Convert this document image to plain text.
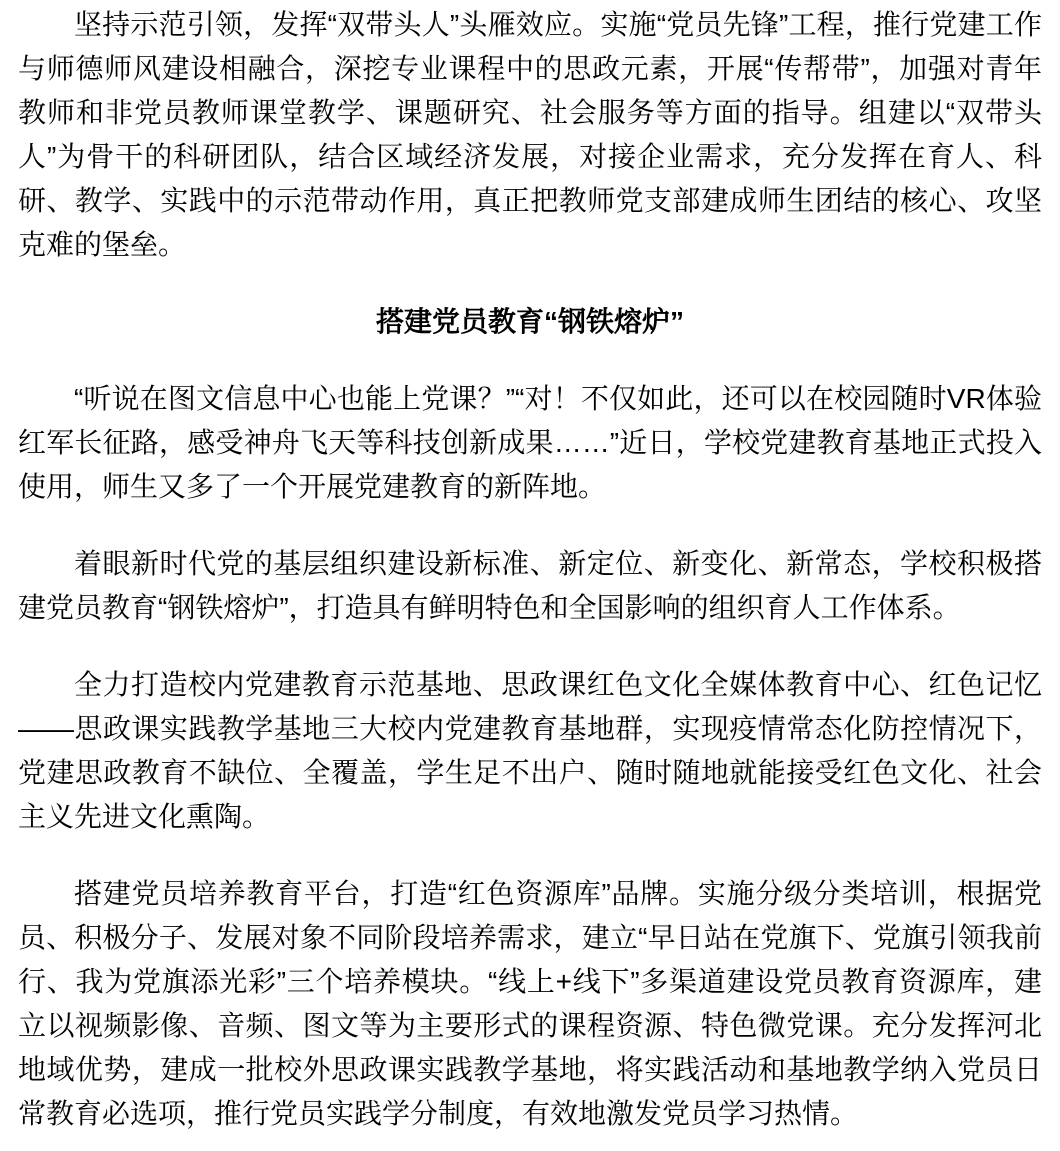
坚持示范引领，发挥“双带头人”头雁效应。实施“党员先锋”工程，推行党建工作与师德师风建设相融合，深挖专业课程中的思政元素，开展“传帮带”，加强对青年教师和非党员教师课堂教学、课题研究、社会服务等方面的指导。组建以“双带头人”为骨干的科研团队，结合区域经济发展，对接企业需求，充分发挥在育人、科研、教学、实践中的示范带动作用，真正把教师党支部建成师生团结的核心、攻坚克难的堡垒。

搭建党员教育“钢铁熔炉”

“听说在图文信息中心也能上党课？”“对！不仅如此，还可以在校园随时VR体验红军长征路，感受神舟飞天等科技创新成果……”近日，学校党建教育基地正式投入使用，师生又多了一个开展党建教育的新阵地。

着眼新时代党的基层组织建设新标准、新定位、新变化、新常态，学校积极搭建党员教育“钢铁熔炉”，打造具有鲜明特色和全国影响的组织育人工作体系。

全力打造校内党建教育示范基地、思政课红色文化全媒体教育中心、红色记忆——思政课实践教学基地三大校内党建教育基地群，实现疫情常态化防控情况下，党建思政教育不缺位、全覆盖，学生足不出户、随时随地就能接受红色文化、社会主义先进文化熏陶。

搭建党员培养教育平台，打造“红色资源库”品牌。实施分级分类培训，根据党员、积极分子、发展对象不同阶段培养需求，建立“早日站在党旗下、党旗引领我前行、我为党旗添光彩”三个培养模块。“线上+线下”多渠道建设党员教育资源库，建立以视频影像、音频、图文等为主要形式的课程资源、特色微党课。充分发挥河北地域优势，建成一批校外思政课实践教学基地，将实践活动和基地教学纳入党员日常教育必选项，推行党员实践学分制度，有效地激发党员学习热情。
